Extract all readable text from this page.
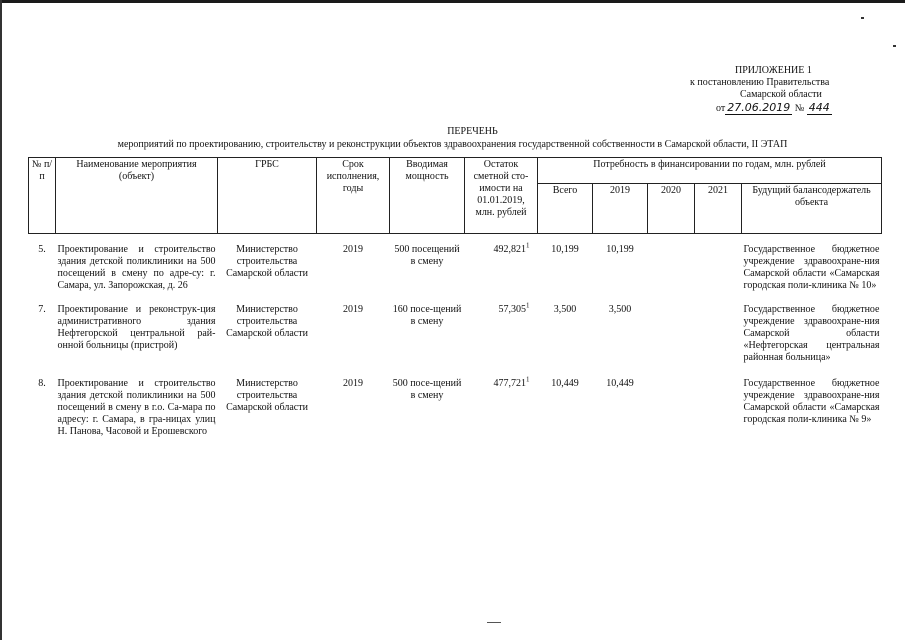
ПРИЛОЖЕНИЕ 1
к постановлению Правительства
Самарской области
от 27.06.2019 № 444
ПЕРЕЧЕНЬ
мероприятий по проектированию, строительству и реконструкции объектов здравоохранения государственной собственности в Самарской области, II ЭТАП
№ п/п	Наименование мероприятия (объект)	ГРБС	Срок исполнения, годы	Вводимая мощность	Остаток сметной сто-имости на 01.01.2019, млн. рублей	Потребность в финансировании по годам, млн. рублей				
						Всего	2019	2020	2021	Будущий балансодержатель объекта

5.	Проектирование и строительство здания детской поликлиники на 500 посещений в смену по адре-су: г. Самара, ул. Запорожская, д. 26	Министерство строительства Самарской области	2019	500 посещений в смену	492,821$^1$	10,199	10,199			Государственное бюджетное учреждение здравоохране-ния Самарской области «Самарская городская поли-клиника № 10»
7.	Проектирование и реконструк-ция административного здания Нефтегорской центральной рай-онной больницы (пристрой)	Министерство строительства Самарской области	2019	160 посе-щений в смену	57,305$^1$	3,500	3,500			Государственное бюджетное учреждение здравоохране-ния Самарской области «Нефтегорская центральная районная больница»
8.	Проектирование и строительство здания детской поликлиники на 500 посещений в смену в г.о. Са-мара по адресу: г. Самара, в гра-ницах улиц Н. Панова, Часовой и Ерошевского	Министерство строительства Самарской области	2019	500 посе-щений в смену	477,721$^1$	10,449	10,449			Государственное бюджетное учреждение здравоохране-ния Самарской области «Самарская городская поли-клиника № 9»
